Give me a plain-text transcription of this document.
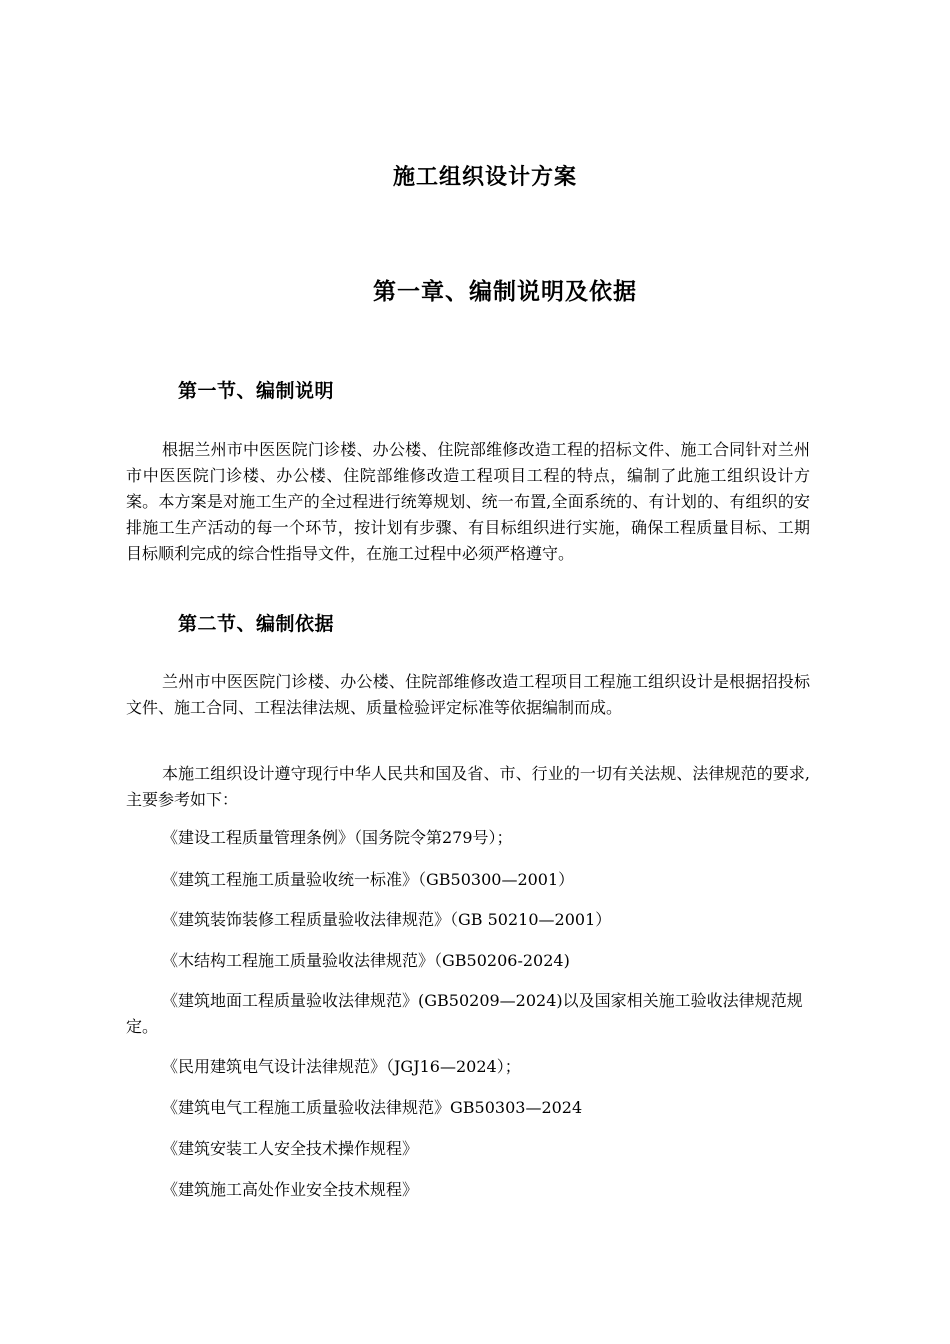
施工组织设计方案
第一章、编制说明及依据
第一节、编制说明

根据兰州市中医医院门诊楼、办公楼、住院部维修改造工程的招标文件、施工合同针对兰州市中医医院门诊楼、办公楼、住院部维修改造工程项目工程的特点，编制了此施工组织设计方案。本方案是对施工生产的全过程进行统筹规划、统一布置,全面系统的、有计划的、有组织的安排施工生产活动的每一个环节，按计划有步骤、有目标组织进行实施，确保工程质量目标、工期目标顺利完成的综合性指导文件，在施工过程中必须严格遵守。

第二节、编制依据

兰州市中医医院门诊楼、办公楼、住院部维修改造工程项目工程施工组织设计是根据招投标文件、施工合同、工程法律法规、质量检验评定标准等依据编制而成。

本施工组织设计遵守现行中华人民共和国及省、市、行业的一切有关法规、法律规范的要求,主要参考如下：

《建设工程质量管理条例》（国务院令第279号）；

《建筑工程施工质量验收统一标准》（GB50300—2001）

《建筑装饰装修工程质量验收法律规范》（GB 50210—2001）

《木结构工程施工质量验收法律规范》（GB50206-2024)

《建筑地面工程质量验收法律规范》(GB50209—2024)以及国家相关施工验收法律规范规定。

《民用建筑电气设计法律规范》（JGJ16—2024）；

《建筑电气工程施工质量验收法律规范》GB50303—2024

《建筑安装工人安全技术操作规程》

《建筑施工高处作业安全技术规程》
